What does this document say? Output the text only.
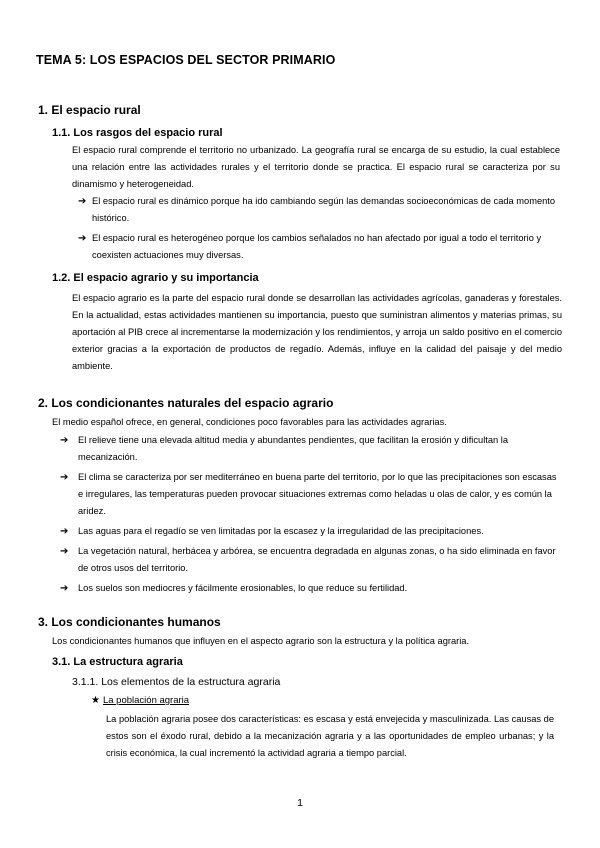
TEMA 5: LOS ESPACIOS DEL SECTOR PRIMARIO
1. El espacio rural
1.1. Los rasgos del espacio rural
El espacio rural comprende el territorio no urbanizado. La geografía rural se encarga de su estudio, la cual establece una relación entre las actividades rurales y el territorio donde se practica. El espacio rural se caracteriza por su dinamismo y heterogeneidad.
➔ El espacio rural es dinámico porque ha ido cambiando según las demandas socioeconómicas de cada momento histórico.
➔ El espacio rural es heterogéneo porque los cambios señalados no han afectado por igual a todo el territorio y coexisten actuaciones muy diversas.
1.2. El espacio agrario y su importancia
El espacio agrario es la parte del espacio rural donde se desarrollan las actividades agrícolas, ganaderas y forestales. En la actualidad, estas actividades mantienen su importancia, puesto que suministran alimentos y materias primas, su aportación al PIB crece al incrementarse la modernización y los rendimientos, y arroja un saldo positivo en el comercio exterior gracias a la exportación de productos de regadío. Además, influye en la calidad del paisaje y del medio ambiente.
2. Los condicionantes naturales del espacio agrario
El medio español ofrece, en general, condiciones poco favorables para las actividades agrarias.
➔ El relieve tiene una elevada altitud media y abundantes pendientes, que facilitan la erosión y dificultan la mecanización.
➔ El clima se caracteriza por ser mediterráneo en buena parte del territorio, por lo que las precipitaciones son escasas e irregulares, las temperaturas pueden provocar situaciones extremas como heladas u olas de calor, y es común la aridez.
➔ Las aguas para el regadío se ven limitadas por la escasez y la irregularidad de las precipitaciones.
➔ La vegetación natural, herbácea y arbórea, se encuentra degradada en algunas zonas, o ha sido eliminada en favor de otros usos del territorio.
➔ Los suelos son mediocres y fácilmente erosionables, lo que reduce su fertilidad.
3. Los condicionantes humanos
Los condicionantes humanos que influyen en el aspecto agrario son la estructura y la política agraria.
3.1. La estructura agraria
3.1.1. Los elementos de la estructura agraria
★ La población agraria
La población agraria posee dos características: es escasa y está envejecida y masculinizada. Las causas de estos son el éxodo rural, debido a la mecanización agraria y a las oportunidades de empleo urbanas; y la crisis económica, la cual incrementó la actividad agraria a tiempo parcial.
1
